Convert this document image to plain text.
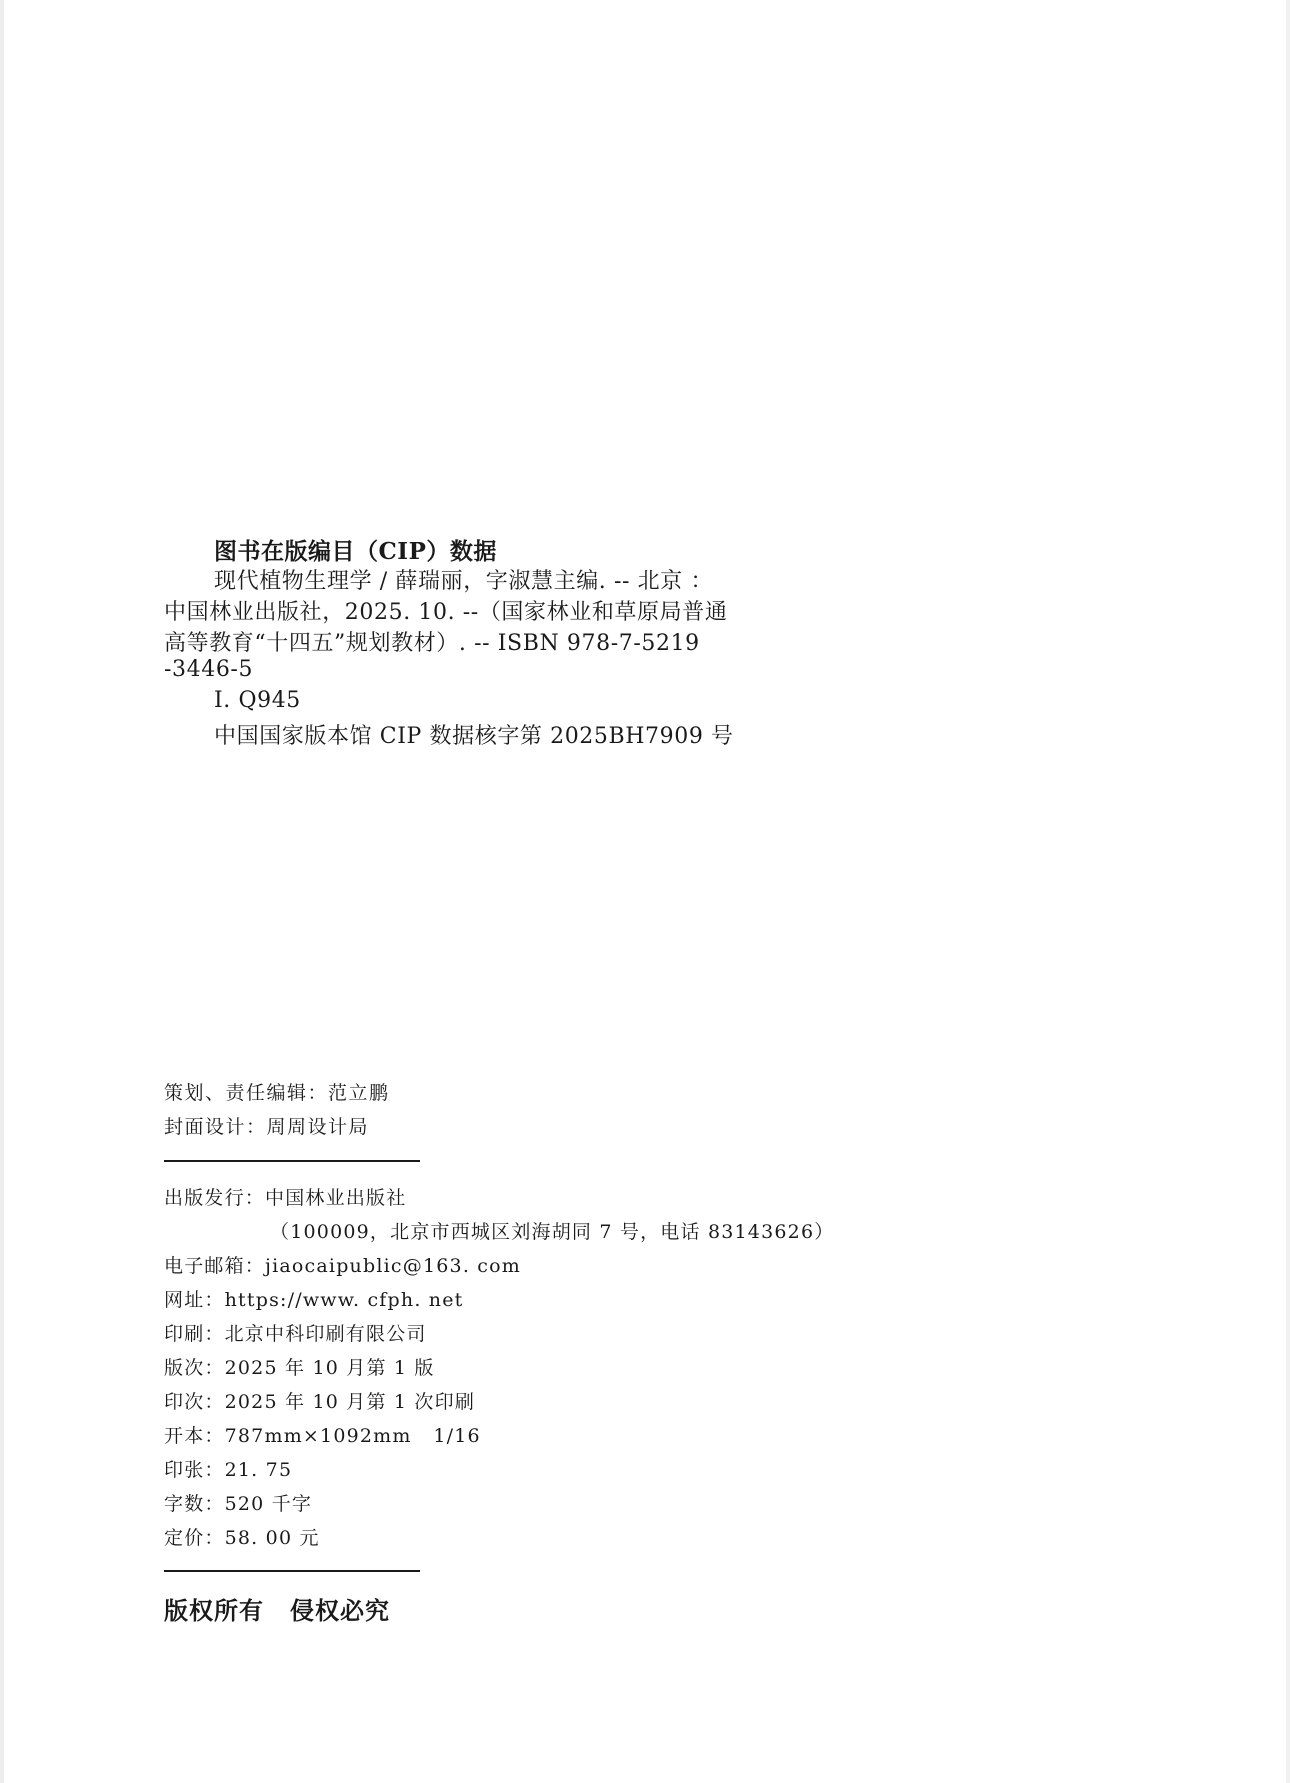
图书在版编目（CIP）数据
现代植物生理学 / 薛瑞丽，字淑慧主编. -- 北京 ：
中国林业出版社，2025. 10. --（国家林业和草原局普通
高等教育“十四五”规划教材）. -- ISBN 978-7-5219
-3446-5
Ⅰ. Q945
中国国家版本馆 CIP 数据核字第 2025BH7909 号
策划、责任编辑：范立鹏
封面设计：周周设计局
出版发行：中国林业出版社
（100009，北京市西城区刘海胡同 7 号，电话 83143626）
电子邮箱：jiaocaipublic@163. com
网址：https://www. cfph. net
印刷：北京中科印刷有限公司
版次：2025 年 10 月第 1 版
印次：2025 年 10 月第 1 次印刷
开本：787mm×1092mm   1/16
印张：21. 75
字数：520 千字
定价：58. 00 元
版权所有 侵权必究
